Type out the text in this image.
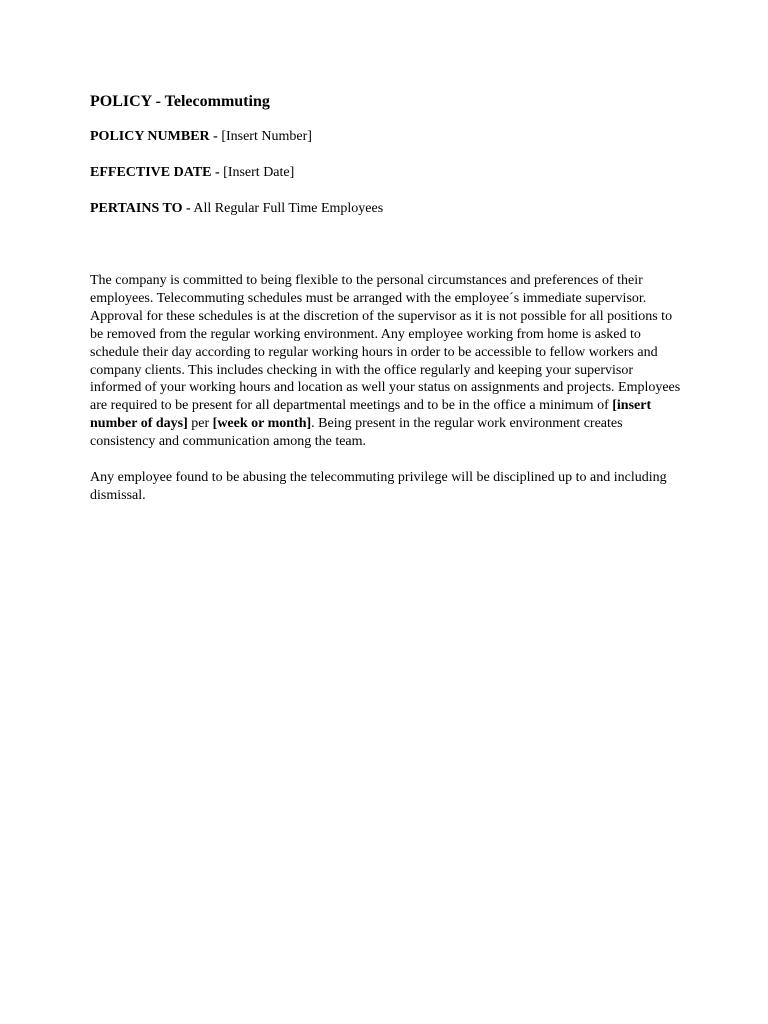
POLICY - Telecommuting

POLICY NUMBER - [Insert Number]

EFFECTIVE DATE - [Insert Date]

PERTAINS TO - All Regular Full Time Employees

The company is committed to being flexible to the personal circumstances and preferences of their employees. Telecommuting schedules must be arranged with the employee´s immediate supervisor. Approval for these schedules is at the discretion of the supervisor as it is not possible for all positions to be removed from the regular working environment. Any employee working from home is asked to schedule their day according to regular working hours in order to be accessible to fellow workers and company clients. This includes checking in with the office regularly and keeping your supervisor informed of your working hours and location as well your status on assignments and projects. Employees are required to be present for all departmental meetings and to be in the office a minimum of [insert number of days] per [week or month]. Being present in the regular work environment creates consistency and communication among the team.

Any employee found to be abusing the telecommuting privilege will be disciplined up to and including dismissal.
